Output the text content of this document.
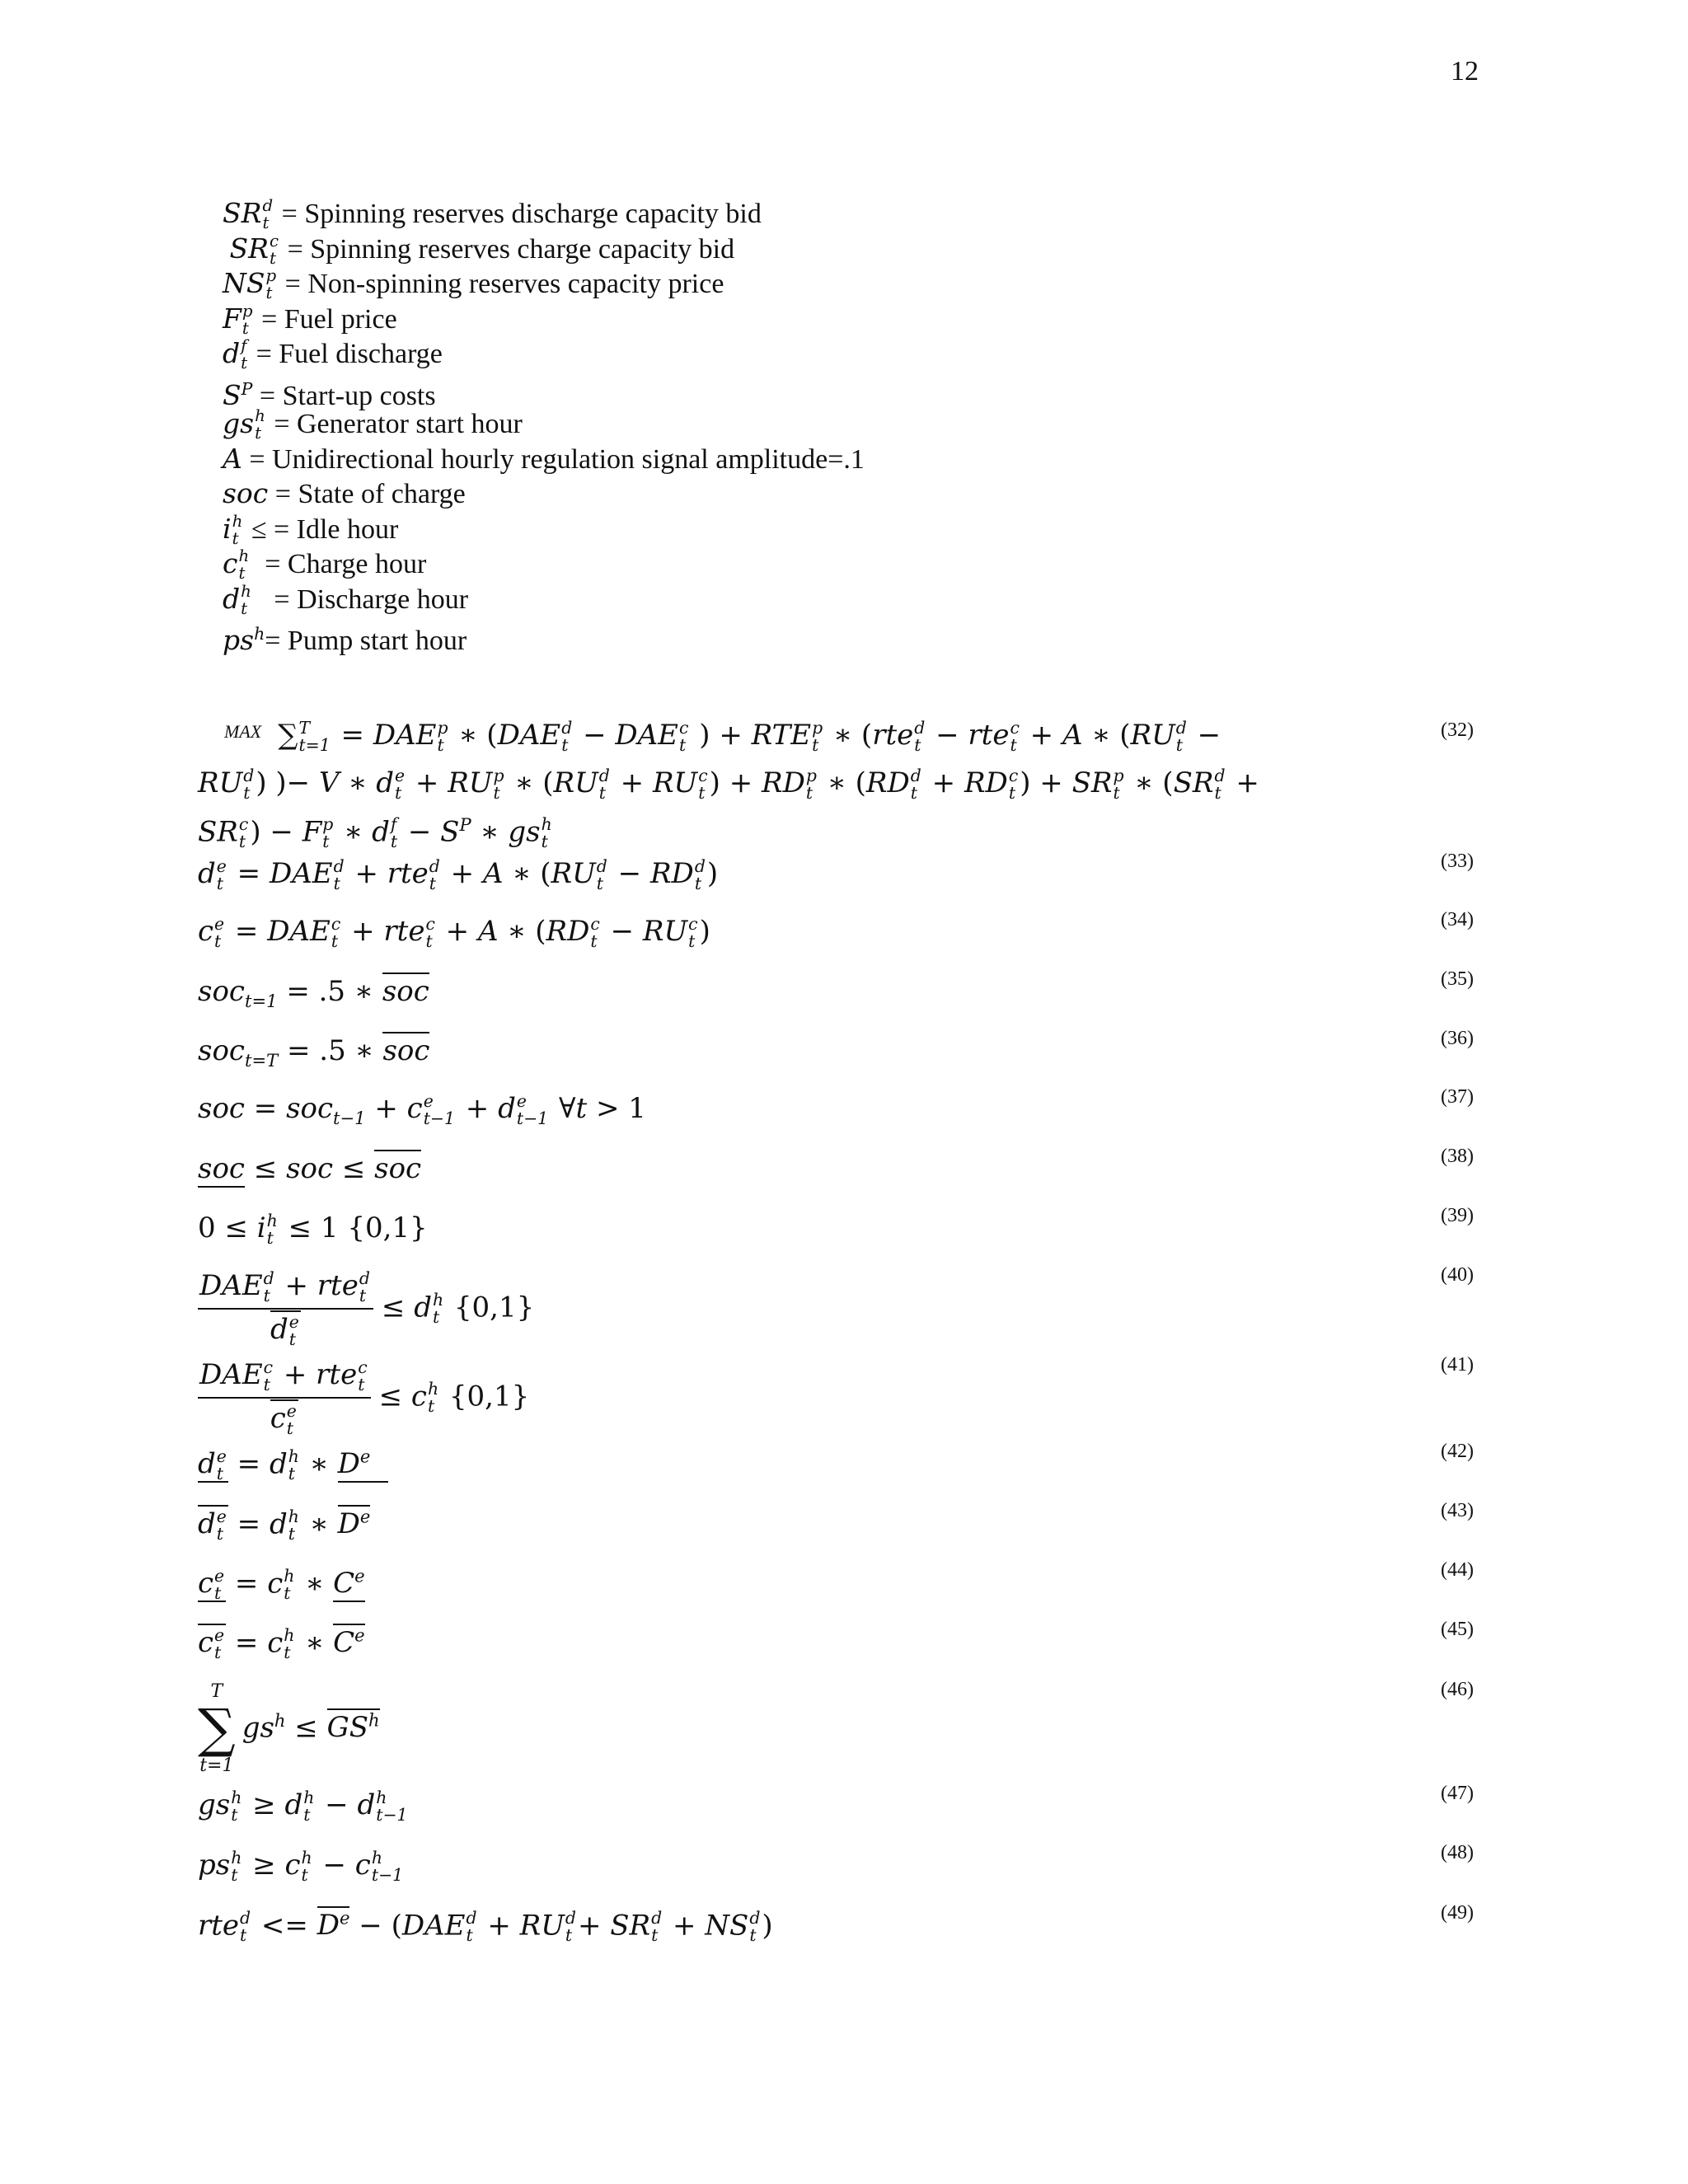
12
SR d
t = Spinning reserves discharge capacity bid
SR c
t = Spinning reserves charge capacity bid
NS p
t = Non-spinning reserves capacity price
F p
t = Fuel price
d f
t = Fuel discharge
$S^P$ = Start-up costs
gs h
t = Generator start hour
A = Unidirectional hourly regulation signal amplitude=.1
soc = State of charge
i h
t ≤ = Idle hour
c h
t = Charge hour
d h
t = Discharge hour
$ps^h=$ Pump start hour
$^{MAX}$ ∑ T
t=1 = DAE p
t ∗ (DAE d
t − DAE c
t ) + RTE p
t ∗ (rte d
t − rte c
t + A ∗ (RU d
t −
RU d
t ) )− V ∗ d e
t + RU p
t ∗ (RU d
t + RU c
t ) + RD p
t ∗ (RD d
t + RD c
t ) + SR p
t ∗ (SR d
t +
SR c
t ) − F p
t ∗ d f
$t - S^P$ ∗ gs h
t
(32)
d e
t = DAE d
t + rte d
t + A ∗ (RU d
t − RD d
t )	(33)
c e
t = DAE c
t + rte c
t + A ∗ (RD c
t − RU c
t )	(34)
soc$_{t=1}$ = .5 ∗ soc	(35)
soc$_{t=T}$ = .5 ∗ soc	(36)
soc = soc$_{t-1}$ + c e
t−1 + d e
t−1 ∀t > 1	(37)
soc ≤ soc ≤ soc	(38)
0 ≤ i h
t ≤ 1 {0,1}	(39)
DAE d
t + rte d
t
d e
t ≤ d h
t {0,1}
(40)
DAE c
t + rte c
t
c e
t ≤ c h
t {0,1}
(41)
d e
t = d h
t ∗ De	(42)
d e
t = d h
t ∗ De	(43)
c e
t = c h
t ∗ Ce	(44)
c e
t = c h
t ∗ Ce	(45)
T
∑
t=1
$gs^h \le GS^h$
(46)
gs h
t ≥ d h
t − d h
t−1
(47)
ps h
t ≥ c h
t − c h
t−1
(48)
rte d
$t <= D^e - (DAE$ d
t + RU d
t + SR d
t + NS d
t )	(49)
